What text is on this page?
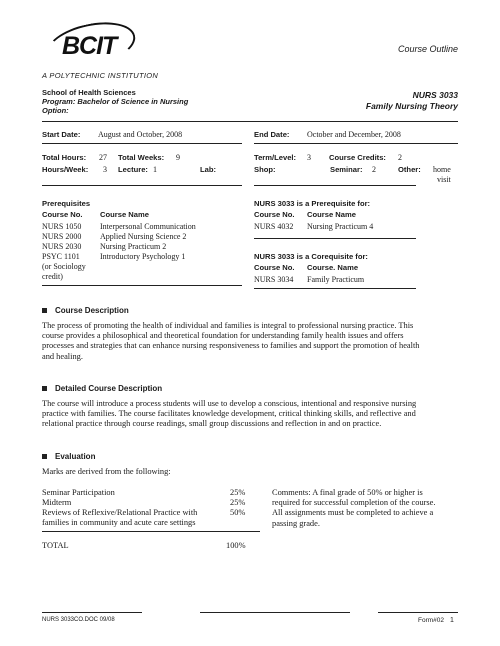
BCIT
A POLYTECHNIC INSTITUTION
School of Health Sciences
Program: Bachelor of Science in Nursing
Option:
Course Outline
NURS 3033
Family Nursing Theory
Start Date: August and October, 2008	End Date: October and December, 2008
Total Hours: 27 Total Weeks: 9	Term/Level: 3 Course Credits: 2
Hours/Week: 3 Lecture: 1	Lab:	Shop:	Seminar: 2	Other: home
visit
Prerequisites
Course No. Course Name
NURS 1050 Interpersonal Communication
NURS 2000 Applied Nursing Science 2
NURS 2030 Nursing Practicum 2
PSYC 1101	Introductory Psychology 1
(or Sociology
credit)
NURS 3033 is a Prerequisite for:
Course No. Course Name
NURS 4032 Nursing Practicum 4
NURS 3033 is a Corequisite for:
Course No. Course. Name
NURS 3034 Family Practicum
Course Description
The process of promoting the health of individual and families is integral to professional nursing practice. This
course provides a philosophical and theoretical foundation for understanding family health issues and offers
processes and strategies that can enhance nursing responsiveness to families and support the promotion of health
and healing.
Detailed Course Description
The course will introduce a process students will use to develop a conscious, intentional and responsive nursing
practice with families. The course facilitates knowledge development, critical thinking skills, and reflective and
relational practice through course readings, small group discussions and reflection in and on practice.
Evaluation
Marks are derived from the following:
Seminar Participation	25%
Midterm	25%
Reviews of Reflexive/Relational Practice with	50%
families in community and acute care settings
TOTAL	100%
Comments: A final grade of 50% or higher is
required for successful completion of the course.
All assignments must be completed to achieve a
passing grade.
NURS 3033CO.DOC 09/08	Form#02 1
